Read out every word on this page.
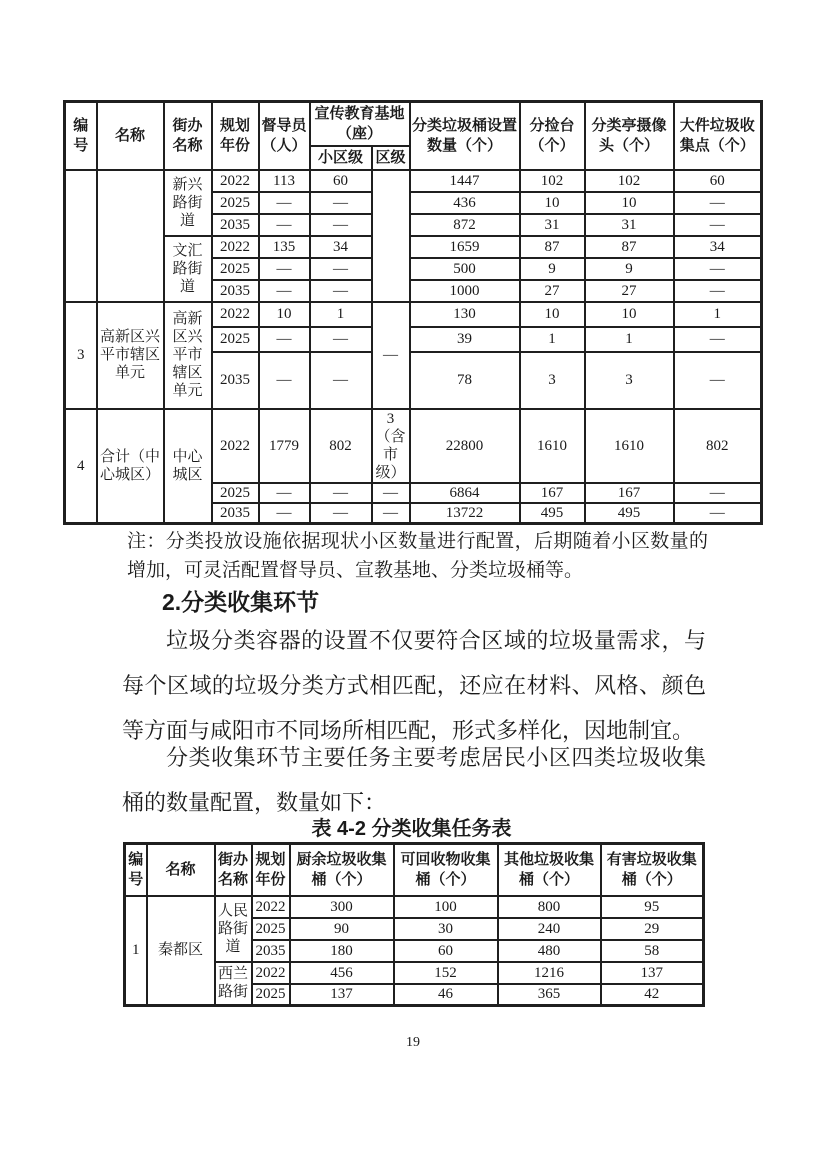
编号	名称	街办名称	规划年份	督导员（人）	宣传教育基地（座）		分类垃圾桶设置数量（个）	分捡台（个）	分类亭摄像头（个）	大件垃圾收集点（个）
					小区级	区级				
		新兴路街道	2022	113	60		1447	102	102	60
			2025	—	—		436	10	10	—
			2035	—	—		872	31	31	—
		文汇路街道	2022	135	34		1659	87	87	34
			2025	—	—		500	9	9	—
			2035	—	—		1000	27	27	—
3	高新区兴平市辖区单元	高新区兴平市辖区单元	2022	10	1	—	130	10	10	1
			2025	—	—		39	1	1	—
			2035	—	—		78	3	3	—
4	合计（中心城区）	中心城区	2022	1779	802	3（含市级）	22800	1610	1610	802
			2025	—	—	—	6864	167	167	—
			2035	—	—	—	13722	495	495	—
注：分类投放设施依据现状小区数量进行配置，后期随着小区数量的增加，可灵活配置督导员、宣教基地、分类垃圾桶等。
2.分类收集环节
垃圾分类容器的设置不仅要符合区域的垃圾量需求，与每个区域的垃圾分类方式相匹配，还应在材料、风格、颜色等方面与咸阳市不同场所相匹配，形式多样化，因地制宜。
分类收集环节主要任务主要考虑居民小区四类垃圾收集桶的数量配置，数量如下：
表 4-2 分类收集任务表
编号	名称	街办名称	规划年份	厨余垃圾收集桶（个）	可回收物收集桶（个）	其他垃圾收集桶（个）	有害垃圾收集桶（个）
1	秦都区	人民路街道	2022	300	100	800	95
			2025	90	30	240	29
			2035	180	60	480	58
		西兰路街	2022	456	152	1216	137
			2025	137	46	365	42
19
